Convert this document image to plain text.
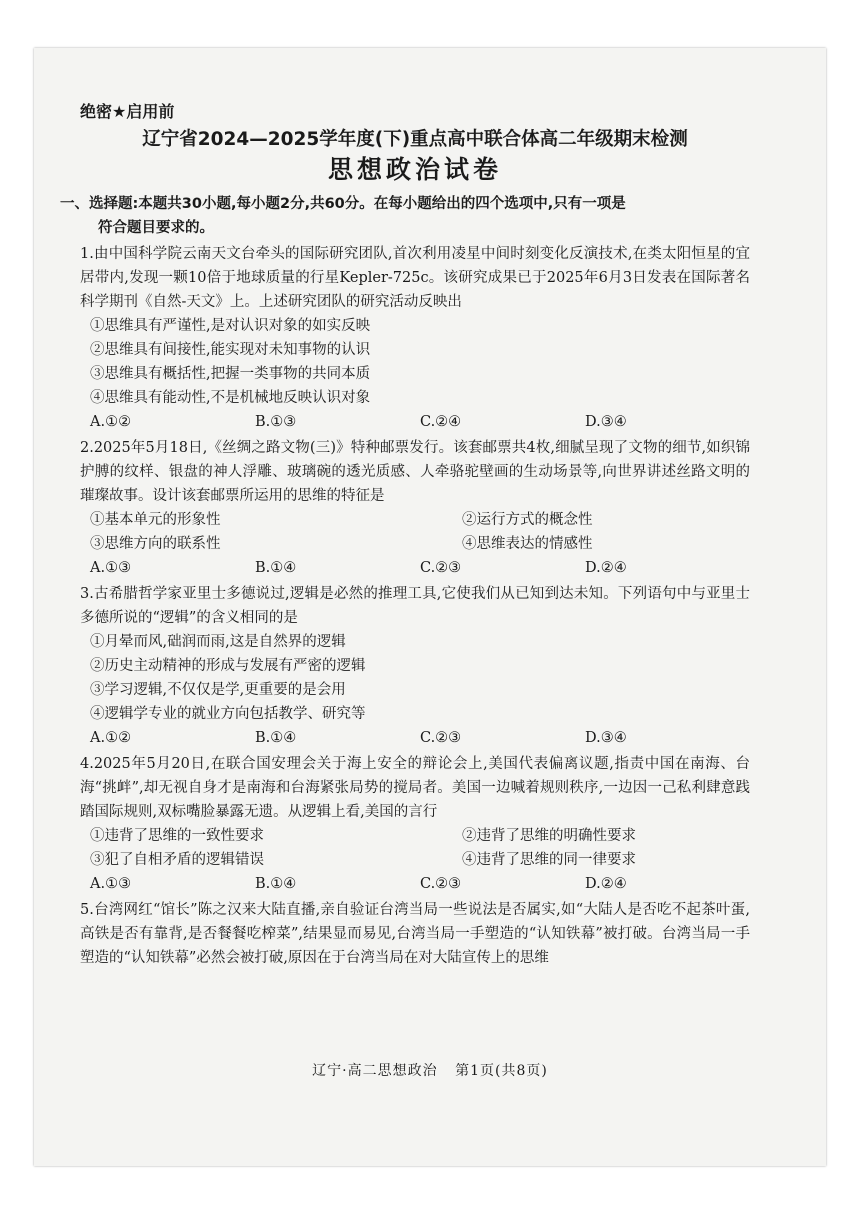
绝密★启用前
辽宁省2024—2025学年度(下)重点高中联合体高二年级期末检测
思想政治试卷
一、选择题:本题共30小题,每小题2分,共60分。在每小题给出的四个选项中,只有一项是
符合题目要求的。
1.由中国科学院云南天文台牵头的国际研究团队,首次利用凌星中间时刻变化反演技术,在类太阳恒星的宜居带内,发现一颗10倍于地球质量的行星Kepler-725c。该研究成果已于2025年6月3日发表在国际著名科学期刊《自然-天文》上。上述研究团队的研究活动反映出
①思维具有严谨性,是对认识对象的如实反映
②思维具有间接性,能实现对未知事物的认识
③思维具有概括性,把握一类事物的共同本质
④思维具有能动性,不是机械地反映认识对象
A.①②	B.①③	C.②④	D.③④
2.2025年5月18日,《丝绸之路文物(三)》特种邮票发行。该套邮票共4枚,细腻呈现了文物的细节,如织锦护膊的纹样、银盘的神人浮雕、玻璃碗的透光质感、人牵骆驼壁画的生动场景等,向世界讲述丝路文明的璀璨故事。设计该套邮票所运用的思维的特征是
①基本单元的形象性	②运行方式的概念性
③思维方向的联系性	④思维表达的情感性
A.①③	B.①④	C.②③	D.②④
3.古希腊哲学家亚里士多德说过,逻辑是必然的推理工具,它使我们从已知到达未知。下列语句中与亚里士多德所说的“逻辑”的含义相同的是
①月晕而风,础润而雨,这是自然界的逻辑
②历史主动精神的形成与发展有严密的逻辑
③学习逻辑,不仅仅是学,更重要的是会用
④逻辑学专业的就业方向包括教学、研究等
A.①②	B.①④	C.②③	D.③④
4.2025年5月20日,在联合国安理会关于海上安全的辩论会上,美国代表偏离议题,指责中国在南海、台海“挑衅”,却无视自身才是南海和台海紧张局势的搅局者。美国一边喊着规则秩序,一边因一己私利肆意践踏国际规则,双标嘴脸暴露无遗。从逻辑上看,美国的言行
①违背了思维的一致性要求	②违背了思维的明确性要求
③犯了自相矛盾的逻辑错误	④违背了思维的同一律要求
A.①③	B.①④	C.②③	D.②④
5.台湾网红“馆长”陈之汉来大陆直播,亲自验证台湾当局一些说法是否属实,如“大陆人是否吃不起茶叶蛋,高铁是否有靠背,是否餐餐吃榨菜”,结果显而易见,台湾当局一手塑造的“认知铁幕”被打破。台湾当局一手塑造的“认知铁幕”必然会被打破,原因在于台湾当局在对大陆宣传上的思维
辽宁·高二思想政治 第1页(共8页)
